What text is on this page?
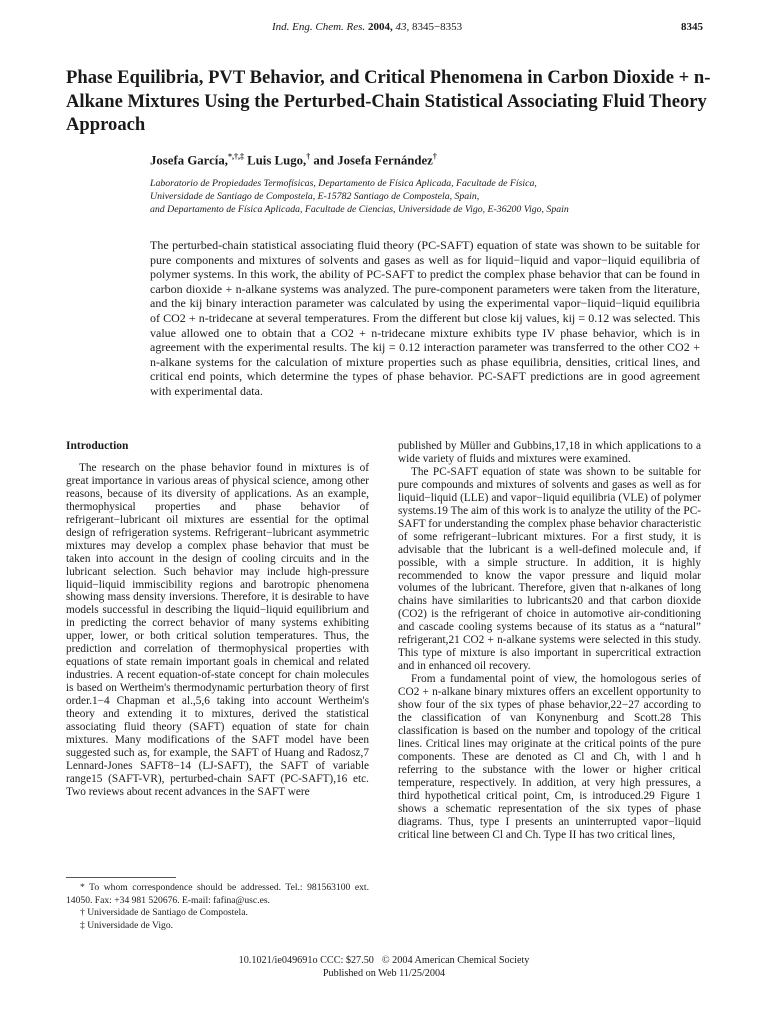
Ind. Eng. Chem. Res. 2004, 43, 8345−8353	8345
Phase Equilibria, PVT Behavior, and Critical Phenomena in Carbon Dioxide + n-Alkane Mixtures Using the Perturbed-Chain Statistical Associating Fluid Theory Approach
Josefa García,*,†,‡ Luis Lugo,† and Josefa Fernández†
Laboratorio de Propiedades Termofísicas, Departamento de Física Aplicada, Facultade de Física,
Universidade de Santiago de Compostela, E-15782 Santiago de Compostela, Spain,
and Departamento de Física Aplicada, Facultade de Ciencias, Universidade de Vigo, E-36200 Vigo, Spain

The perturbed-chain statistical associating fluid theory (PC-SAFT) equation of state was shown to be suitable for pure components and mixtures of solvents and gases as well as for liquid−liquid and vapor−liquid equilibria of polymer systems. In this work, the ability of PC-SAFT to predict the complex phase behavior that can be found in carbon dioxide + n-alkane systems was analyzed. The pure-component parameters were taken from the literature, and the kij binary interaction parameter was calculated by using the experimental vapor−liquid−liquid equilibria of CO2 + n-tridecane at several temperatures. From the different but close kij values, kij = 0.12 was selected. This value allowed one to obtain that a CO2 + n-tridecane mixture exhibits type IV phase behavior, which is in agreement with the experimental results. The kij = 0.12 interaction parameter was transferred to the other CO2 + n-alkane systems for the calculation of mixture properties such as phase equilibria, densities, critical lines, and critical end points, which determine the types of phase behavior. PC-SAFT predictions are in good agreement with experimental data.

Introduction

The research on the phase behavior found in mixtures is of great importance in various areas of physical science, among other reasons, because of its diversity of applications. As an example, thermophysical properties and phase behavior of refrigerant−lubricant oil mixtures are essential for the optimal design of refrigeration systems. Refrigerant−lubricant asymmetric mixtures may develop a complex phase behavior that must be taken into account in the design of cooling circuits and in the lubricant selection. Such behavior may include high-pressure liquid−liquid immiscibility regions and barotropic phenomena showing mass density inversions. Therefore, it is desirable to have models successful in describing the liquid−liquid equilibrium and in predicting the correct behavior of many systems exhibiting upper, lower, or both critical solution temperatures. Thus, the prediction and correlation of thermophysical properties with equations of state remain important goals in chemical and related industries. A recent equation-of-state concept for chain molecules is based on Wertheim's thermodynamic perturbation theory of first order.1−4 Chapman et al.,5,6 taking into account Wertheim's theory and extending it to mixtures, derived the statistical associating fluid theory (SAFT) equation of state for chain mixtures. Many modifications of the SAFT model have been suggested such as, for example, the SAFT of Huang and Radosz,7 Lennard-Jones SAFT8−14 (LJ-SAFT), the SAFT of variable range15 (SAFT-VR), perturbed-chain SAFT (PC-SAFT),16 etc. Two reviews about recent advances in the SAFT were

published by Müller and Gubbins,17,18 in which applications to a wide variety of fluids and mixtures were examined.

The PC-SAFT equation of state was shown to be suitable for pure compounds and mixtures of solvents and gases as well as for liquid−liquid (LLE) and vapor−liquid equilibria (VLE) of polymer systems.19 The aim of this work is to analyze the utility of the PC-SAFT for understanding the complex phase behavior characteristic of some refrigerant−lubricant mixtures. For a first study, it is advisable that the lubricant is a well-defined molecule and, if possible, with a simple structure. In addition, it is highly recommended to know the vapor pressure and liquid molar volumes of the lubricant. Therefore, given that n-alkanes of long chains have similarities to lubricants20 and that carbon dioxide (CO2) is the refrigerant of choice in automotive air-conditioning and cascade cooling systems because of its status as a “natural” refrigerant,21 CO2 + n-alkane systems were selected in this study. This type of mixture is also important in supercritical extraction and in enhanced oil recovery.

From a fundamental point of view, the homologous series of CO2 + n-alkane binary mixtures offers an excellent opportunity to show four of the six types of phase behavior,22−27 according to the classification of van Konynenburg and Scott.28 This classification is based on the number and topology of the critical lines. Critical lines may originate at the critical points of the pure components. These are denoted as Cl and Ch, with l and h referring to the substance with the lower or higher critical temperature, respectively. In addition, at very high pressures, a third hypothetical critical point, Cm, is introduced.29 Figure 1 shows a schematic representation of the six types of phase diagrams. Thus, type I presents an uninterrupted vapor−liquid critical line between Cl and Ch. Type II has two critical lines,

* To whom correspondence should be addressed. Tel.: 981563100 ext. 14050. Fax: +34 981 520676. E-mail: fafina@usc.es.
† Universidade de Santiago de Compostela.
‡ Universidade de Vigo.
10.1021/ie049691o CCC: $27.50 © 2004 American Chemical Society
Published on Web 11/25/2004
